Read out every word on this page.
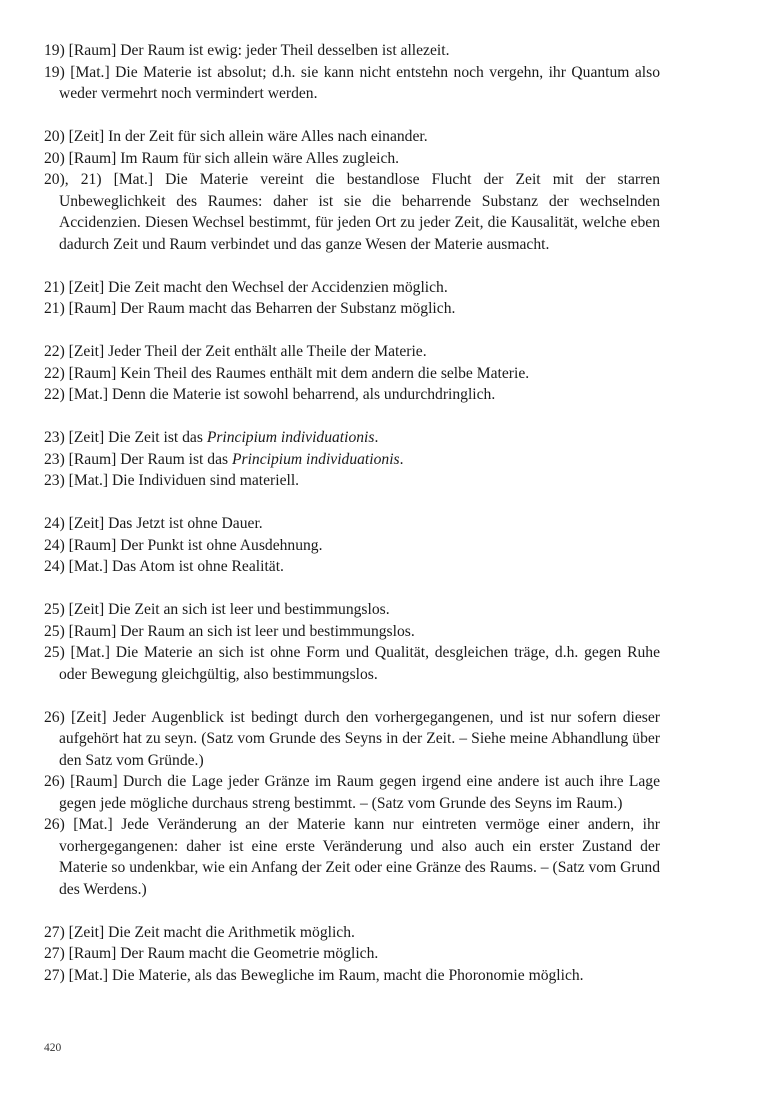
19) [Raum] Der Raum ist ewig: jeder Theil desselben ist allezeit.

19) [Mat.] Die Materie ist absolut; d.h. sie kann nicht entstehn noch vergehn, ihr Quantum also weder vermehrt noch vermindert werden.

20) [Zeit] In der Zeit für sich allein wäre Alles nach einander.

20) [Raum] Im Raum für sich allein wäre Alles zugleich.

20), 21) [Mat.] Die Materie vereint die bestandlose Flucht der Zeit mit der starren Unbeweglichkeit des Raumes: daher ist sie die beharrende Substanz der wechselnden Accidenzien. Diesen Wechsel bestimmt, für jeden Ort zu jeder Zeit, die Kausalität, welche eben dadurch Zeit und Raum verbindet und das ganze Wesen der Materie ausmacht.

21) [Zeit] Die Zeit macht den Wechsel der Accidenzien möglich.

21) [Raum] Der Raum macht das Beharren der Substanz möglich.

22) [Zeit] Jeder Theil der Zeit enthält alle Theile der Materie.

22) [Raum] Kein Theil des Raumes enthält mit dem andern die selbe Materie.

22) [Mat.] Denn die Materie ist sowohl beharrend, als undurchdringlich.

23) [Zeit] Die Zeit ist das Principium individuationis.

23) [Raum] Der Raum ist das Principium individuationis.

23) [Mat.] Die Individuen sind materiell.

24) [Zeit] Das Jetzt ist ohne Dauer.

24) [Raum] Der Punkt ist ohne Ausdehnung.

24) [Mat.] Das Atom ist ohne Realität.

25) [Zeit] Die Zeit an sich ist leer und bestimmungslos.

25) [Raum] Der Raum an sich ist leer und bestimmungslos.

25) [Mat.] Die Materie an sich ist ohne Form und Qualität, desgleichen träge, d.h. gegen Ruhe oder Bewegung gleichgültig, also bestimmungslos.

26) [Zeit] Jeder Augenblick ist bedingt durch den vorhergegangenen, und ist nur sofern dieser aufgehört hat zu seyn. (Satz vom Grunde des Seyns in der Zeit. – Siehe meine Abhandlung über den Satz vom Gründe.)

26) [Raum] Durch die Lage jeder Gränze im Raum gegen irgend eine andere ist auch ihre Lage gegen jede mögliche durchaus streng bestimmt. – (Satz vom Grunde des Seyns im Raum.)

26) [Mat.] Jede Veränderung an der Materie kann nur eintreten vermöge einer andern, ihr vorhergegangenen: daher ist eine erste Veränderung und also auch ein erster Zustand der Materie so undenkbar, wie ein Anfang der Zeit oder eine Gränze des Raums. – (Satz vom Grund des Werdens.)

27) [Zeit] Die Zeit macht die Arithmetik möglich.

27) [Raum] Der Raum macht die Geometrie möglich.

27) [Mat.] Die Materie, als das Bewegliche im Raum, macht die Phoronomie möglich.

420
